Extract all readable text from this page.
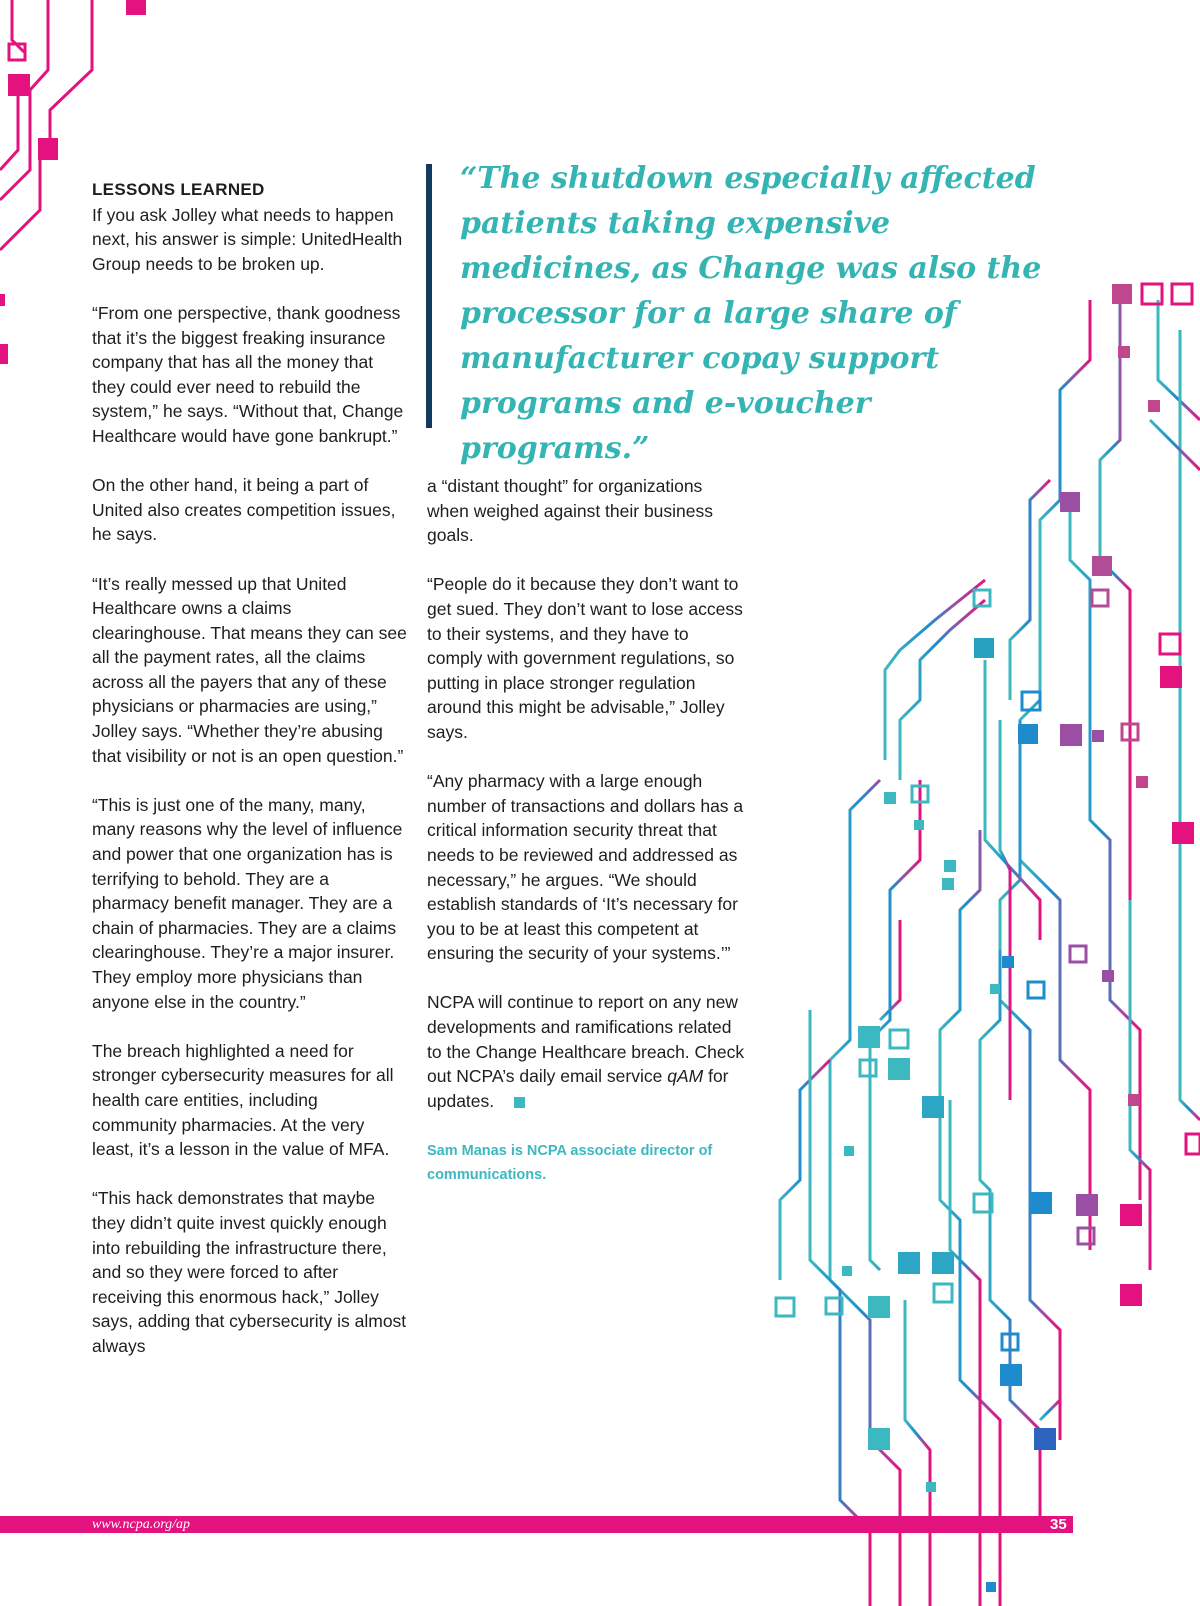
LESSONS LEARNED

If you ask Jolley what needs to happen next, his answer is simple: UnitedHealth Group needs to be broken up.

“From one perspective, thank goodness that it’s the biggest freaking insurance company that has all the money that they could ever need to rebuild the system,” he says. “Without that, Change Healthcare would have gone bankrupt.”

On the other hand, it being a part of United also creates competition issues, he says.

“It’s really messed up that United Healthcare owns a claims clearinghouse. That means they can see all the payment rates, all the claims across all the payers that any of these physicians or pharmacies are using,” Jolley says. “Whether they’re abusing that visibility or not is an open question.”

“This is just one of the many, many, many reasons why the level of influence and power that one organization has is terrifying to behold. They are a pharmacy benefit manager. They are a chain of pharmacies. They are a claims clearinghouse. They’re a major insurer. They employ more physicians than anyone else in the country.”

The breach highlighted a need for stronger cybersecurity measures for all health care entities, including community pharmacies. At the very least, it’s a lesson in the value of MFA.

“This hack demonstrates that maybe they didn’t quite invest quickly enough into rebuilding the infrastructure there, and so they were forced to after receiving this enormous hack,” Jolley says, adding that cybersecurity is almost always

“The shutdown especially affected patients taking expensive medicines, as Change was also the processor for a large share of manufacturer copay support programs and e-voucher programs.”

a “distant thought” for organizations when weighed against their business goals.

“People do it because they don’t want to get sued. They don’t want to lose access to their systems, and they have to comply with government regulations, so putting in place stronger regulation around this might be advisable,” Jolley says.

“Any pharmacy with a large enough number of transactions and dollars has a critical information security threat that needs to be reviewed and addressed as necessary,” he argues. “We should establish standards of ‘It’s necessary for you to be at least this competent at ensuring the security of your systems.’”

NCPA will continue to report on any new developments and ramifications related to the Change Healthcare breach. Check out NCPA’s daily email service qAM for updates.

Sam Manas is NCPA associate director of communications.
www.ncpa.org/ap	35
